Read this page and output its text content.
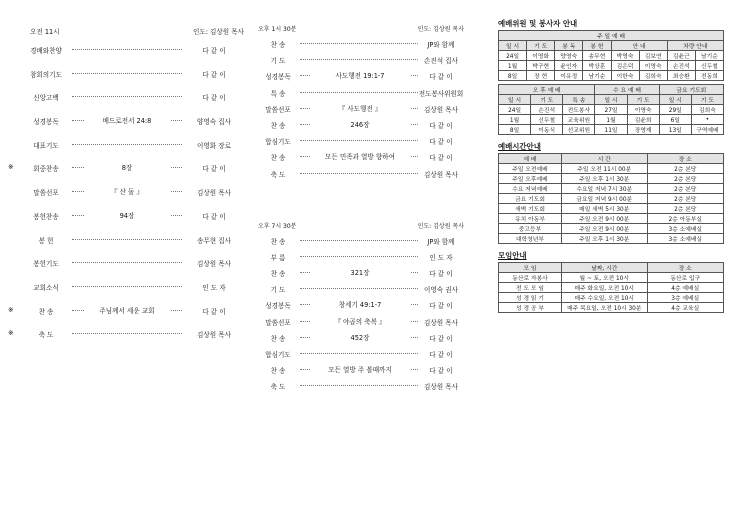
오전 11시	인도: 김상원 목사
경배와찬양	다 같 이
참회의기도	다 같 이
신앙고백	다 같 이
성경봉독	베드로전서 24:8	양영숙 집사
대표기도	이영화 장로
※	회중찬송	8장	다 같 이
말씀선포	『 산 돌 』	김상원 목사
봉헌찬송	94장	다 같 이
봉 헌	송무현 집사
봉헌기도	김상원 목사
교회소식	인 도 자
※	찬 송	주님께서 세운 교회	다 같 이
※	축 도	김상원 목사
오후 1시 30분	인도: 김상원 목사
찬 송	JP와 함께
기 도	손진석 집사
성경봉독	사도행전 19:1-7	다 같 이
특 송	전도봉사위원회
말씀선포	『 사도행전 』	김상원 목사
찬 송	246장	다 같 이
합심기도	다 같 이
찬 송	모든 민족과 열방 향하여	다 같 이
축 도	김상원 목사
오후 7시 30분	인도: 김상원 목사
찬 송	JP와 함께
부 름	인 도 자
찬 송	321장	다 같 이
기 도	이영숙 권사
성경봉독	창세기 49:1-7	다 같 이
말씀선포	『 야곱의 축복 』	김상원 목사
찬 송	452장	다 같 이
합심기도	다 같 이
찬 송	모든 열방 주 볼때까지	다 같 이
축 도	김상원 목사
예배위원 및 봉사자 안내
주 일 예 배							
일 시	기 도	봉 독	봉 헌	안 내		차량 안내	
24일	이영화	양영숙	송무현	박영숙	김보연	김윤근	남기순
1월	박구현	윤인자	박상훈	김은덕	이영숙	손진석	신두철
8일	장 현	이유정	남기순	이한숙	김희숙	최승환	전동희
오 후 예 배			수 요 예 배		금요 기도회	
일 시	기 도	특 송	일 시	기 도	일 시	기 도
24일	손진석	전도봉사	27일	이영숙	29일	김희숙
1월	신두철	교육위원	1월	김윤희	6일	•
8일	이동식	선교위원	11일	장영재	13일	구역예배
예배시간안내
예 배	시 간	장 소
주일 오전예배	주일 오전 11시 00분	2층 본당
주일 오후예배	주일 오후 1시 30분	2층 본당
수요 저녁예배	수요일 저녁 7시 30분	2층 본당
금요 기도회	금요일 저녁 9시 00분	2층 본당
새벽 기도회	매일 새벽 5시 30분	2층 본당
유치 아동부	주일 오전 9시 00분	2층 아동부실
중고등부	주일 오전 9시 00분	3층 소예배실
대학청년부	주일 오후 1시 30분	3층 소예배실
모임안내
모 임	날짜, 시간	장 소
동산로 자봉사	월 ~ 토, 오전 10시	동산로 입구
전 도 모 임	매주 화요일, 오전 10시	4층 예배실
성 경 읽 기	매주 수요일, 오전 10시	3층 예배실
성 경 공 부	매주 목요일, 오전 10시 30분	4층 교육실
